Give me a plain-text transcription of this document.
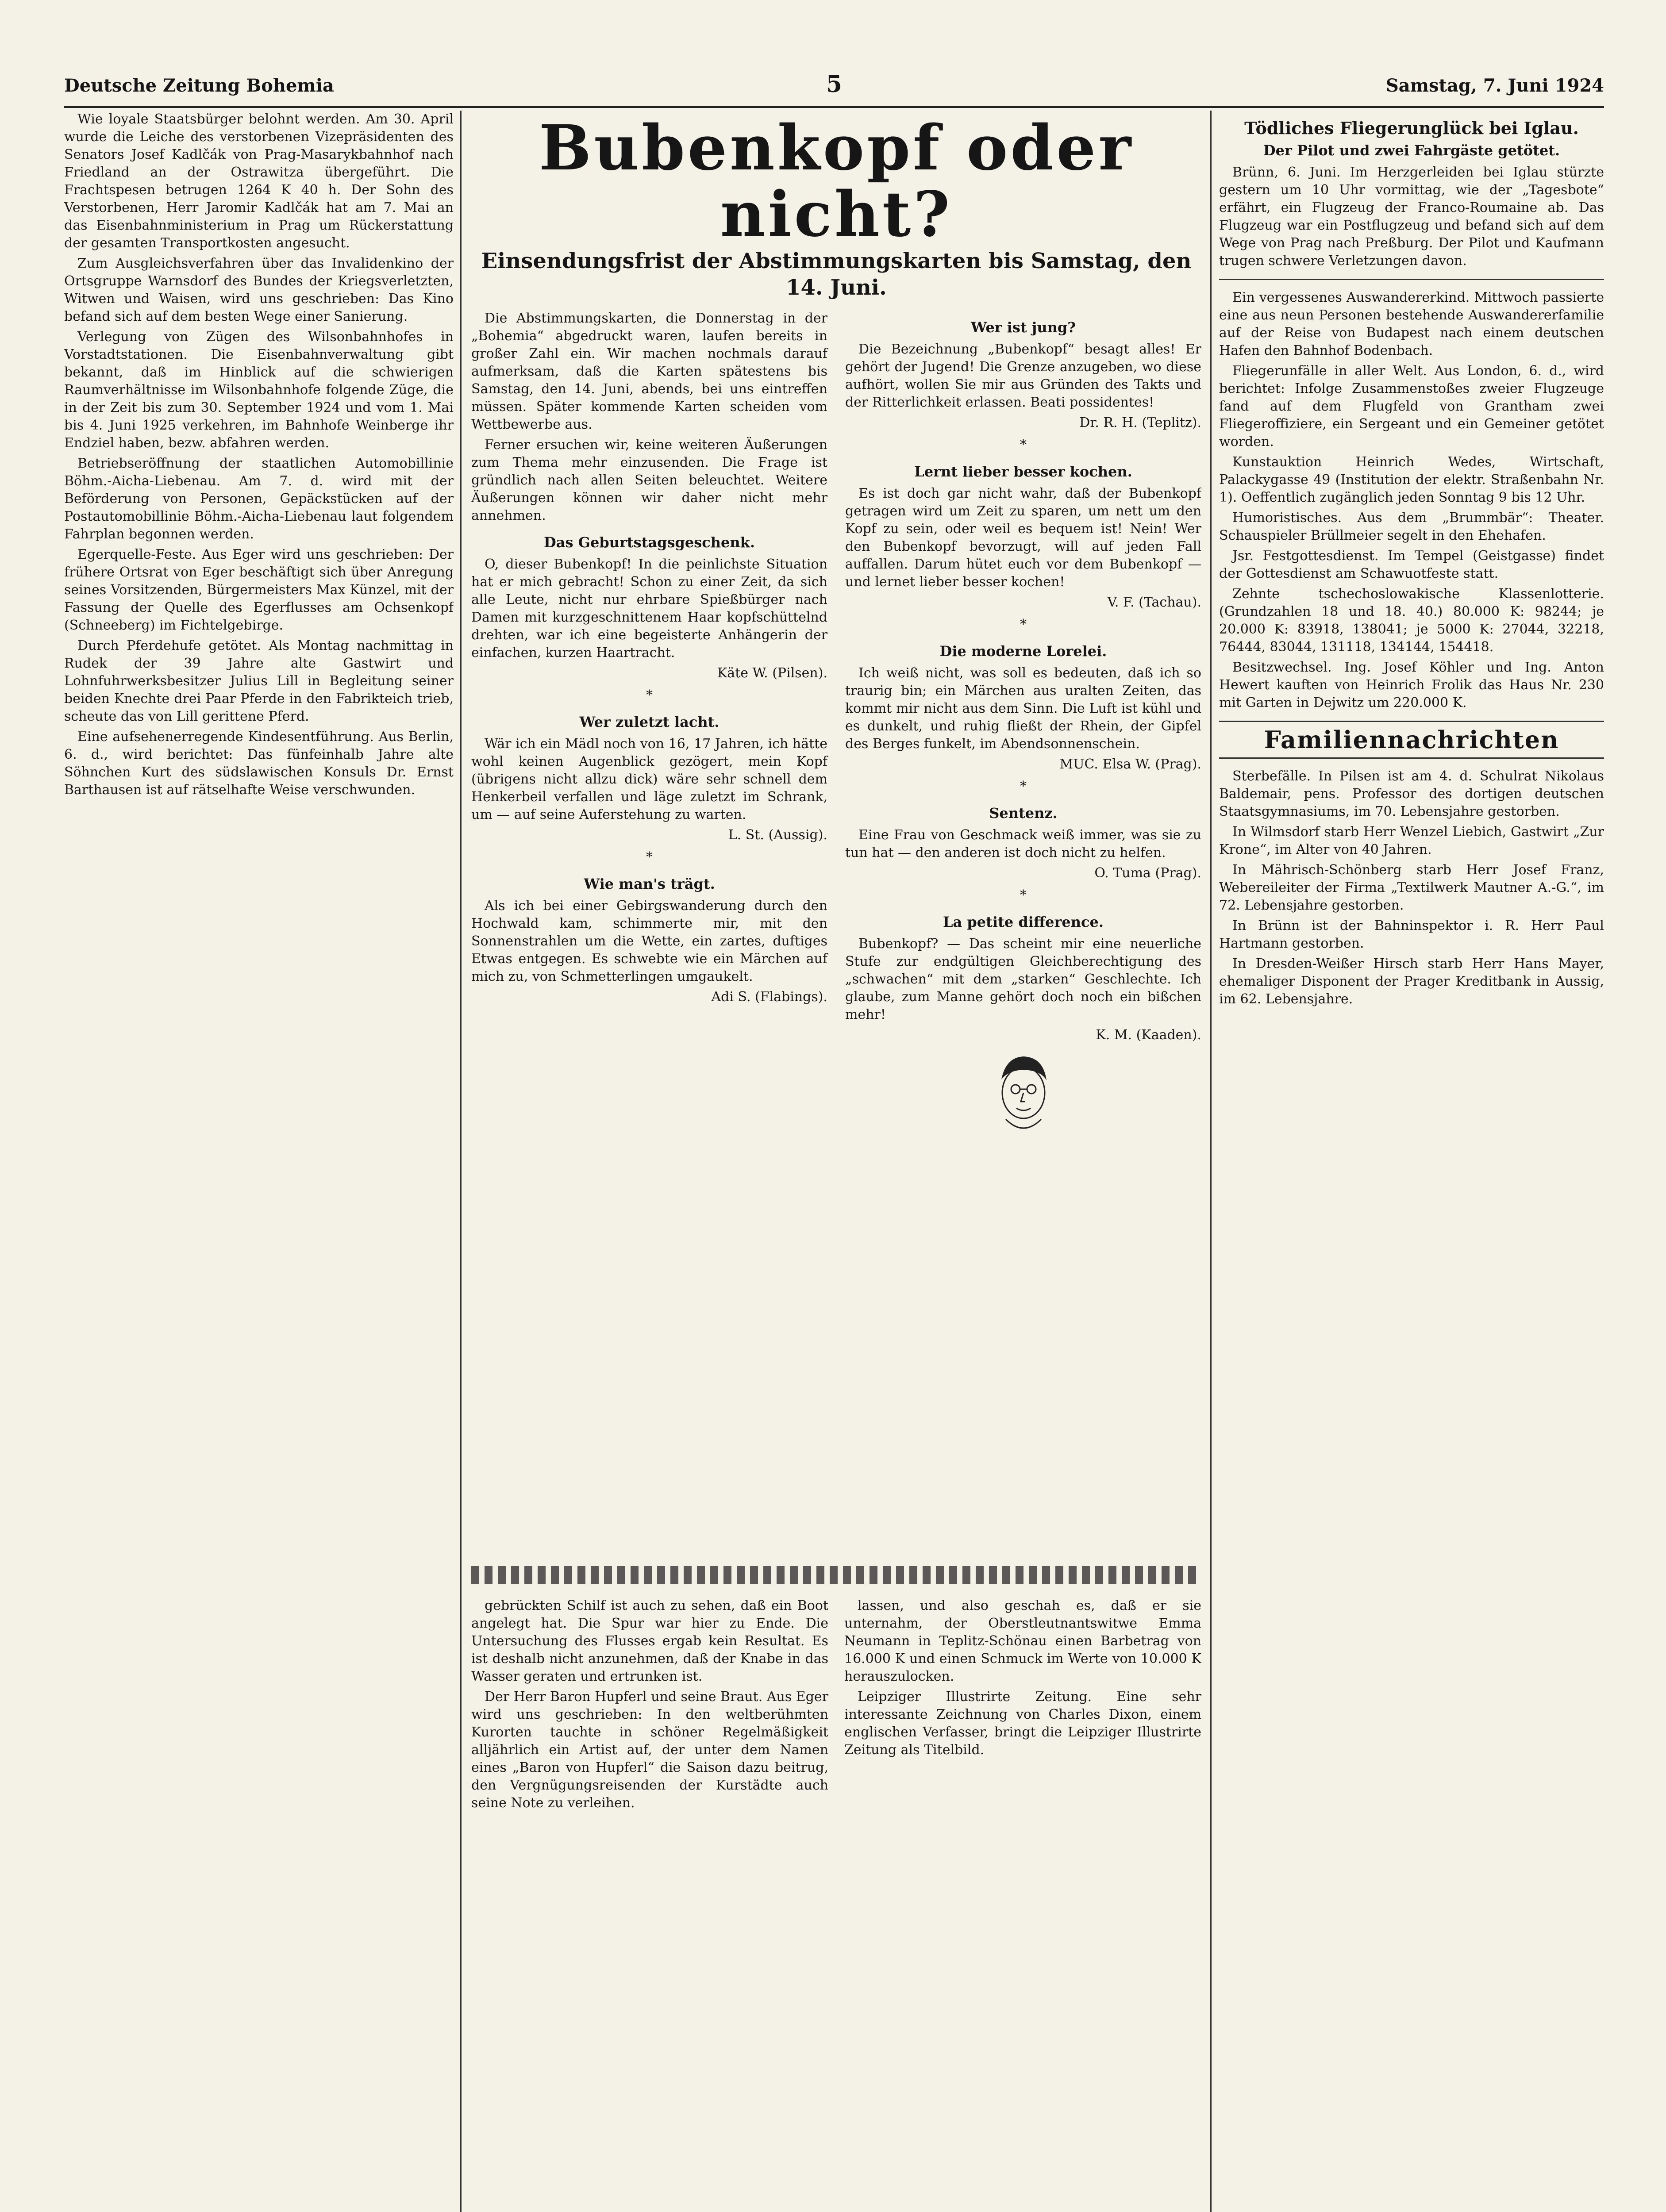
Deutsche Zeitung Bohemia	5	Samstag, 7. Juni 1924

Wie loyale Staatsbürger belohnt werden. Am 30. April wurde die Leiche des verstorbenen Vizepräsidenten des Senators Josef Kadlčák von Prag-Masarykbahnhof nach Friedland an der Ostrawitza übergeführt. Die Frachtspesen betrugen 1264 K 40 h. Der Sohn des Verstorbenen, Herr Jaromir Kadlčák hat am 7. Mai an das Eisenbahnministerium in Prag um Rückerstattung der gesamten Transportkosten angesucht.

Zum Ausgleichsverfahren über das Invalidenkino der Ortsgruppe Warnsdorf des Bundes der Kriegsverletzten, Witwen und Waisen, wird uns geschrieben: Das Kino befand sich auf dem besten Wege einer Sanierung.

Verlegung von Zügen des Wilsonbahnhofes in Vorstadtstationen. Die Eisenbahnverwaltung gibt bekannt, daß im Hinblick auf die schwierigen Raumverhältnisse im Wilsonbahnhofe folgende Züge, die in der Zeit bis zum 30. September 1924 und vom 1. Mai bis 4. Juni 1925 verkehren, im Bahnhofe Weinberge ihr Endziel haben, bezw. abfahren werden.

Betriebseröffnung der staatlichen Automobillinie Böhm.-Aicha-Liebenau. Am 7. d. wird mit der Beförderung von Personen, Gepäckstücken auf der Postautomobillinie Böhm.-Aicha-Liebenau laut folgendem Fahrplan begonnen werden.

Egerquelle-Feste. Aus Eger wird uns geschrieben: Der frühere Ortsrat von Eger beschäftigt sich über Anregung seines Vorsitzenden, Bürgermeisters Max Künzel, mit der Fassung der Quelle des Egerflusses am Ochsenkopf (Schneeberg) im Fichtelgebirge.

Durch Pferdehufe getötet. Als Montag nachmittag in Rudek der 39 Jahre alte Gastwirt und Lohnfuhrwerksbesitzer Julius Lill in Begleitung seiner beiden Knechte drei Paar Pferde in den Fabrikteich trieb, scheute das von Lill gerittene Pferd.

Eine aufsehenerregende Kindesentführung. Aus Berlin, 6. d., wird berichtet: Das fünfeinhalb Jahre alte Söhnchen Kurt des südslawischen Konsuls Dr. Ernst Barthausen ist auf rätselhafte Weise verschwunden.

Bubenkopf oder nicht?
Einsendungsfrist der Abstimmungskarten bis Samstag, den 14. Juni.

Die Abstimmungskarten, die Donnerstag in der „Bohemia“ abgedruckt waren, laufen bereits in großer Zahl ein. Wir machen nochmals darauf aufmerksam, daß die Karten spätestens bis Samstag, den 14. Juni, abends, bei uns eintreffen müssen. Später kommende Karten scheiden vom Wettbewerbe aus.

Ferner ersuchen wir, keine weiteren Äußerungen zum Thema mehr einzusenden. Die Frage ist gründlich nach allen Seiten beleuchtet. Weitere Äußerungen können wir daher nicht mehr annehmen.

Das Geburtstagsgeschenk.

O, dieser Bubenkopf! In die peinlichste Situation hat er mich gebracht! Schon zu einer Zeit, da sich alle Leute, nicht nur ehrbare Spießbürger nach Damen mit kurzgeschnittenem Haar kopfschüttelnd drehten, war ich eine begeisterte Anhängerin der einfachen, kurzen Haartracht.

Käte W. (Pilsen).

*

Wer zuletzt lacht.

Wär ich ein Mädl noch von 16, 17 Jahren, ich hätte wohl keinen Augenblick gezögert, mein Kopf (übrigens nicht allzu dick) wäre sehr schnell dem Henkerbeil verfallen und läge zuletzt im Schrank, um — auf seine Auferstehung zu warten.

L. St. (Aussig).

*

Wie man's trägt.

Als ich bei einer Gebirgswanderung durch den Hochwald kam, schimmerte mir, mit den Sonnenstrahlen um die Wette, ein zartes, duftiges Etwas entgegen. Es schwebte wie ein Märchen auf mich zu, von Schmetterlingen umgaukelt.

Adi S. (Flabings).

Wer ist jung?

Die Bezeichnung „Bubenkopf“ besagt alles! Er gehört der Jugend! Die Grenze anzugeben, wo diese aufhört, wollen Sie mir aus Gründen des Takts und der Ritterlichkeit erlassen. Beati possidentes!

Dr. R. H. (Teplitz).

*

Lernt lieber besser kochen.

Es ist doch gar nicht wahr, daß der Bubenkopf getragen wird um Zeit zu sparen, um nett um den Kopf zu sein, oder weil es bequem ist! Nein! Wer den Bubenkopf bevorzugt, will auf jeden Fall auffallen. Darum hütet euch vor dem Bubenkopf — und lernet lieber besser kochen!

V. F. (Tachau).

*

Die moderne Lorelei.

Ich weiß nicht, was soll es bedeuten, daß ich so traurig bin; ein Märchen aus uralten Zeiten, das kommt mir nicht aus dem Sinn. Die Luft ist kühl und es dunkelt, und ruhig fließt der Rhein, der Gipfel des Berges funkelt, im Abendsonnenschein.

MUC. Elsa W. (Prag).

*

Sentenz.

Eine Frau von Geschmack weiß immer, was sie zu tun hat — den anderen ist doch nicht zu helfen.

O. Tuma (Prag).

*

La petite difference.

Bubenkopf? — Das scheint mir eine neuerliche Stufe zur endgültigen Gleichberechtigung des „schwachen“ mit dem „starken“ Geschlechte. Ich glaube, zum Manne gehört doch noch ein bißchen mehr!

K. M. (Kaaden).

gebrückten Schilf ist auch zu sehen, daß ein Boot angelegt hat. Die Spur war hier zu Ende. Die Untersuchung des Flusses ergab kein Resultat. Es ist deshalb nicht anzunehmen, daß der Knabe in das Wasser geraten und ertrunken ist.

Der Herr Baron Hupferl und seine Braut. Aus Eger wird uns geschrieben: In den weltberühmten Kurorten tauchte in schöner Regelmäßigkeit alljährlich ein Artist auf, der unter dem Namen eines „Baron von Hupferl“ die Saison dazu beitrug, den Vergnügungsreisenden der Kurstädte auch seine Note zu verleihen.

lassen, und also geschah es, daß er sie unternahm, der Oberstleutnantswitwe Emma Neumann in Teplitz-Schönau einen Barbetrag von 16.000 K und einen Schmuck im Werte von 10.000 K herauszulocken.

Leipziger Illustrirte Zeitung. Eine sehr interessante Zeichnung von Charles Dixon, einem englischen Verfasser, bringt die Leipziger Illustrirte Zeitung als Titelbild.

Tödliches Fliegerunglück bei Iglau.

Der Pilot und zwei Fahrgäste getötet.

Brünn, 6. Juni. Im Herzgerleiden bei Iglau stürzte gestern um 10 Uhr vormittag, wie der „Tagesbote“ erfährt, ein Flugzeug der Franco-Roumaine ab. Das Flugzeug war ein Postflugzeug und befand sich auf dem Wege von Prag nach Preßburg. Der Pilot und Kaufmann trugen schwere Verletzungen davon.

Ein vergessenes Auswandererkind. Mittwoch passierte eine aus neun Personen bestehende Auswandererfamilie auf der Reise von Budapest nach einem deutschen Hafen den Bahnhof Bodenbach.

Fliegerunfälle in aller Welt. Aus London, 6. d., wird berichtet: Infolge Zusammenstoßes zweier Flugzeuge fand auf dem Flugfeld von Grantham zwei Fliegeroffiziere, ein Sergeant und ein Gemeiner getötet worden.

Kunstauktion Heinrich Wedes, Wirtschaft, Palackygasse 49 (Institution der elektr. Straßenbahn Nr. 1). Oeffentlich zugänglich jeden Sonntag 9 bis 12 Uhr.

Humoristisches. Aus dem „Brummbär“: Theater. Schauspieler Brüllmeier segelt in den Ehehafen.

Jsr. Festgottesdienst. Im Tempel (Geistgasse) findet der Gottesdienst am Schawuotfeste statt.

Zehnte tschechoslowakische Klassenlotterie. (Grundzahlen 18 und 18. 40.) 80.000 K: 98244; je 20.000 K: 83918, 138041; je 5000 K: 27044, 32218, 76444, 83044, 131118, 134144, 154418.

Besitzwechsel. Ing. Josef Köhler und Ing. Anton Hewert kauften von Heinrich Frolik das Haus Nr. 230 mit Garten in Dejwitz um 220.000 K.

Familiennachrichten

Sterbefälle. In Pilsen ist am 4. d. Schulrat Nikolaus Baldemair, pens. Professor des dortigen deutschen Staatsgymnasiums, im 70. Lebensjahre gestorben.

In Wilmsdorf starb Herr Wenzel Liebich, Gastwirt „Zur Krone“, im Alter von 40 Jahren.

In Mährisch-Schönberg starb Herr Josef Franz, Webereileiter der Firma „Textilwerk Mautner A.-G.“, im 72. Lebensjahre gestorben.

In Brünn ist der Bahninspektor i. R. Herr Paul Hartmann gestorben.

In Dresden-Weißer Hirsch starb Herr Hans Mayer, ehemaliger Disponent der Prager Kreditbank in Aussig, im 62. Lebensjahre.
